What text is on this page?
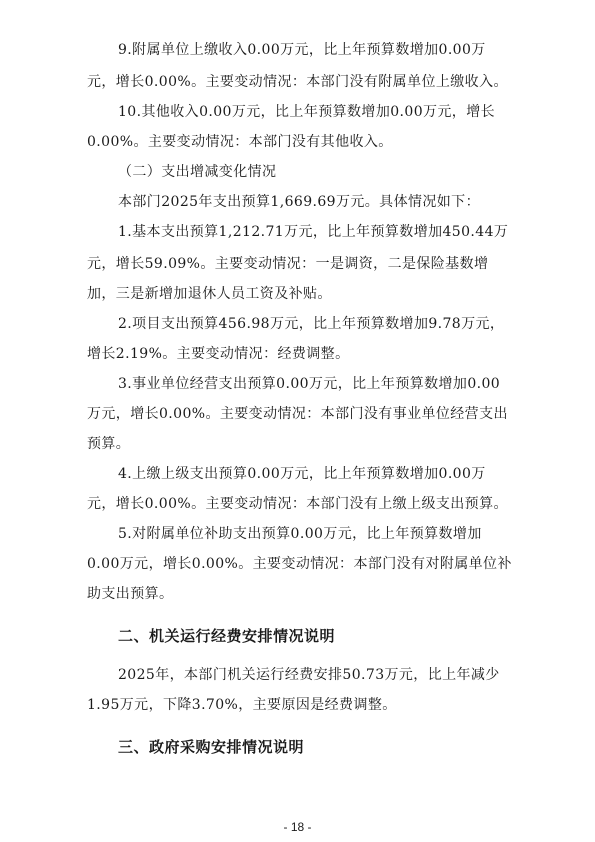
9.附属单位上缴收入0.00万元，比上年预算数增加0.00万
元，增长0.00%。主要变动情况：本部门没有附属单位上缴收入。
10.其他收入0.00万元，比上年预算数增加0.00万元，增长
0.00%。主要变动情况：本部门没有其他收入。
（二）支出增减变化情况
本部门2025年支出预算1,669.69万元。具体情况如下：
1.基本支出预算1,212.71万元，比上年预算数增加450.44万
元，增长59.09%。主要变动情况：一是调资，二是保险基数增
加，三是新增加退休人员工资及补贴。
2.项目支出预算456.98万元，比上年预算数增加9.78万元，
增长2.19%。主要变动情况：经费调整。
3.事业单位经营支出预算0.00万元，比上年预算数增加0.00
万元，增长0.00%。主要变动情况：本部门没有事业单位经营支出
预算。
4.上缴上级支出预算0.00万元，比上年预算数增加0.00万
元，增长0.00%。主要变动情况：本部门没有上缴上级支出预算。
5.对附属单位补助支出预算0.00万元，比上年预算数增加
0.00万元，增长0.00%。主要变动情况：本部门没有对附属单位补
助支出预算。
二、机关运行经费安排情况说明
2025年，本部门机关运行经费安排50.73万元，比上年减少
1.95万元，下降3.70%，主要原因是经费调整。
三、政府采购安排情况说明
- 18 -
